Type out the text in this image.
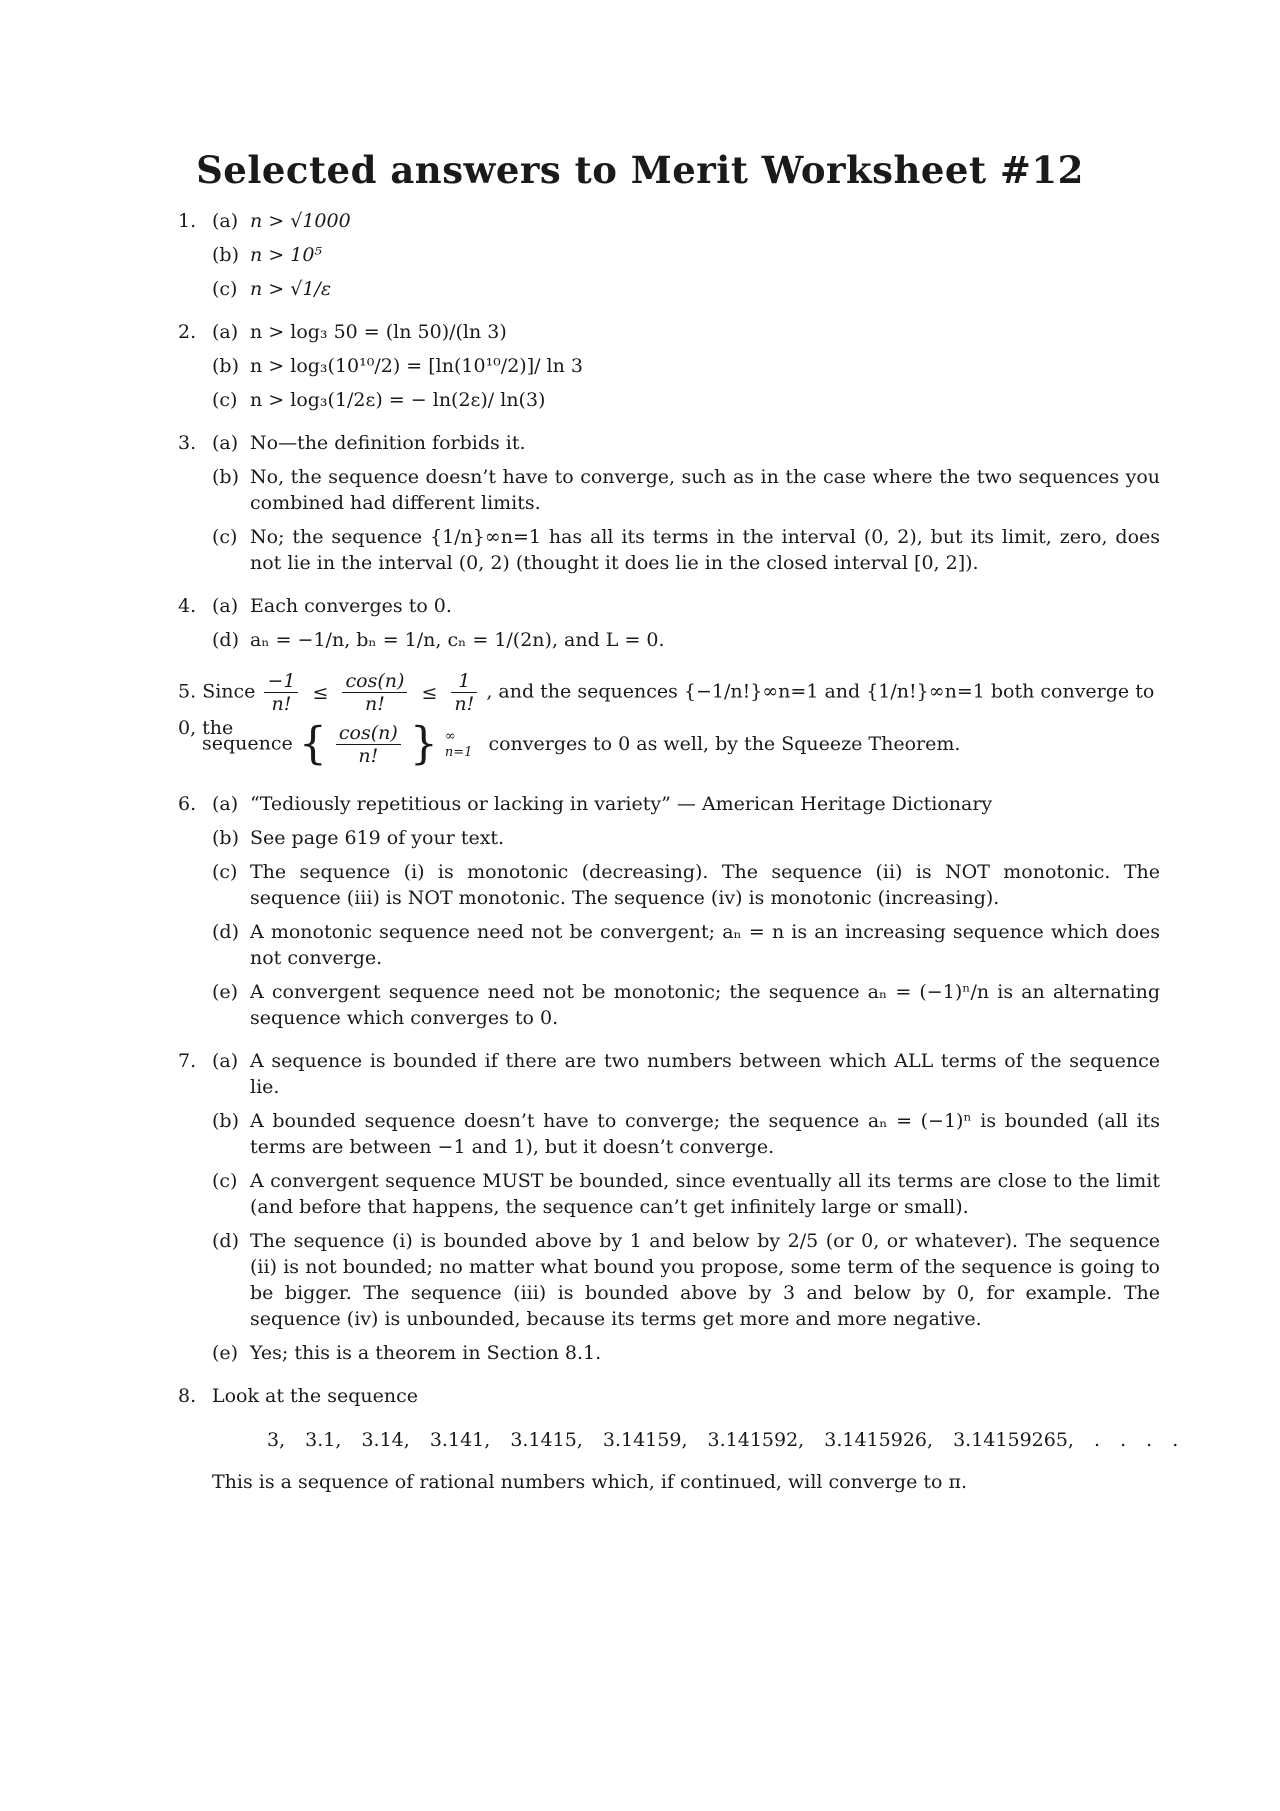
Selected answers to Merit Worksheet #12
1. (a) n > √1000
(b) n > 10⁵
(c) n > √1/ε
2. (a) n > log₃ 50 = (ln 50)/(ln 3)
(b) n > log₃(10¹⁰/2) = [ln(10¹⁰/2)]/ ln 3
(c) n > log₃(1/2ε) = − ln(2ε)/ ln(3)
3. (a) No—the definition forbids it.
(b) No, the sequence doesn’t have to converge, such as in the case where the two sequences you combined had different limits.
(c) No; the sequence {1/n}∞n=1 has all its terms in the interval (0, 2), but its limit, zero, does not lie in the interval (0, 2) (thought it does lie in the closed interval [0, 2]).
4. (a) Each converges to 0.
(d) aₙ = −1/n, bₙ = 1/n, cₙ = 1/(2n), and L = 0.
5. Since $\frac{-1}{n!} \le \frac{\cos(n)}{n!} \le \frac{1}{n!}$ , and the sequences {−1/n!}∞n=1 and {1/n!}∞n=1 both converge to 0, the
sequence { $\frac{\cos(n)}{n!}$ } ∞
n=1 converges to 0 as well, by the Squeeze Theorem.
6. (a) “Tediously repetitious or lacking in variety” — American Heritage Dictionary
(b) See page 619 of your text.
(c) The sequence (i) is monotonic (decreasing). The sequence (ii) is NOT monotonic. The sequence (iii) is NOT monotonic. The sequence (iv) is monotonic (increasing).
(d) A monotonic sequence need not be convergent; aₙ = n is an increasing sequence which does not converge.
(e) A convergent sequence need not be monotonic; the sequence aₙ = (−1)ⁿ/n is an alternating sequence which converges to 0.
7. (a) A sequence is bounded if there are two numbers between which ALL terms of the sequence lie.
(b) A bounded sequence doesn’t have to converge; the sequence aₙ = (−1)ⁿ is bounded (all its terms are between −1 and 1), but it doesn’t converge.
(c) A convergent sequence MUST be bounded, since eventually all its terms are close to the limit (and before that happens, the sequence can’t get infinitely large or small).
(d) The sequence (i) is bounded above by 1 and below by 2/5 (or 0, or whatever). The sequence (ii) is not bounded; no matter what bound you propose, some term of the sequence is going to be bigger. The sequence (iii) is bounded above by 3 and below by 0, for example. The sequence (iv) is unbounded, because its terms get more and more negative.
(e) Yes; this is a theorem in Section 8.1.
8. Look at the sequence
3, 3.1, 3.14, 3.141, 3.1415, 3.14159, 3.141592, 3.1415926, 3.14159265, . . . .
This is a sequence of rational numbers which, if continued, will converge to π.
